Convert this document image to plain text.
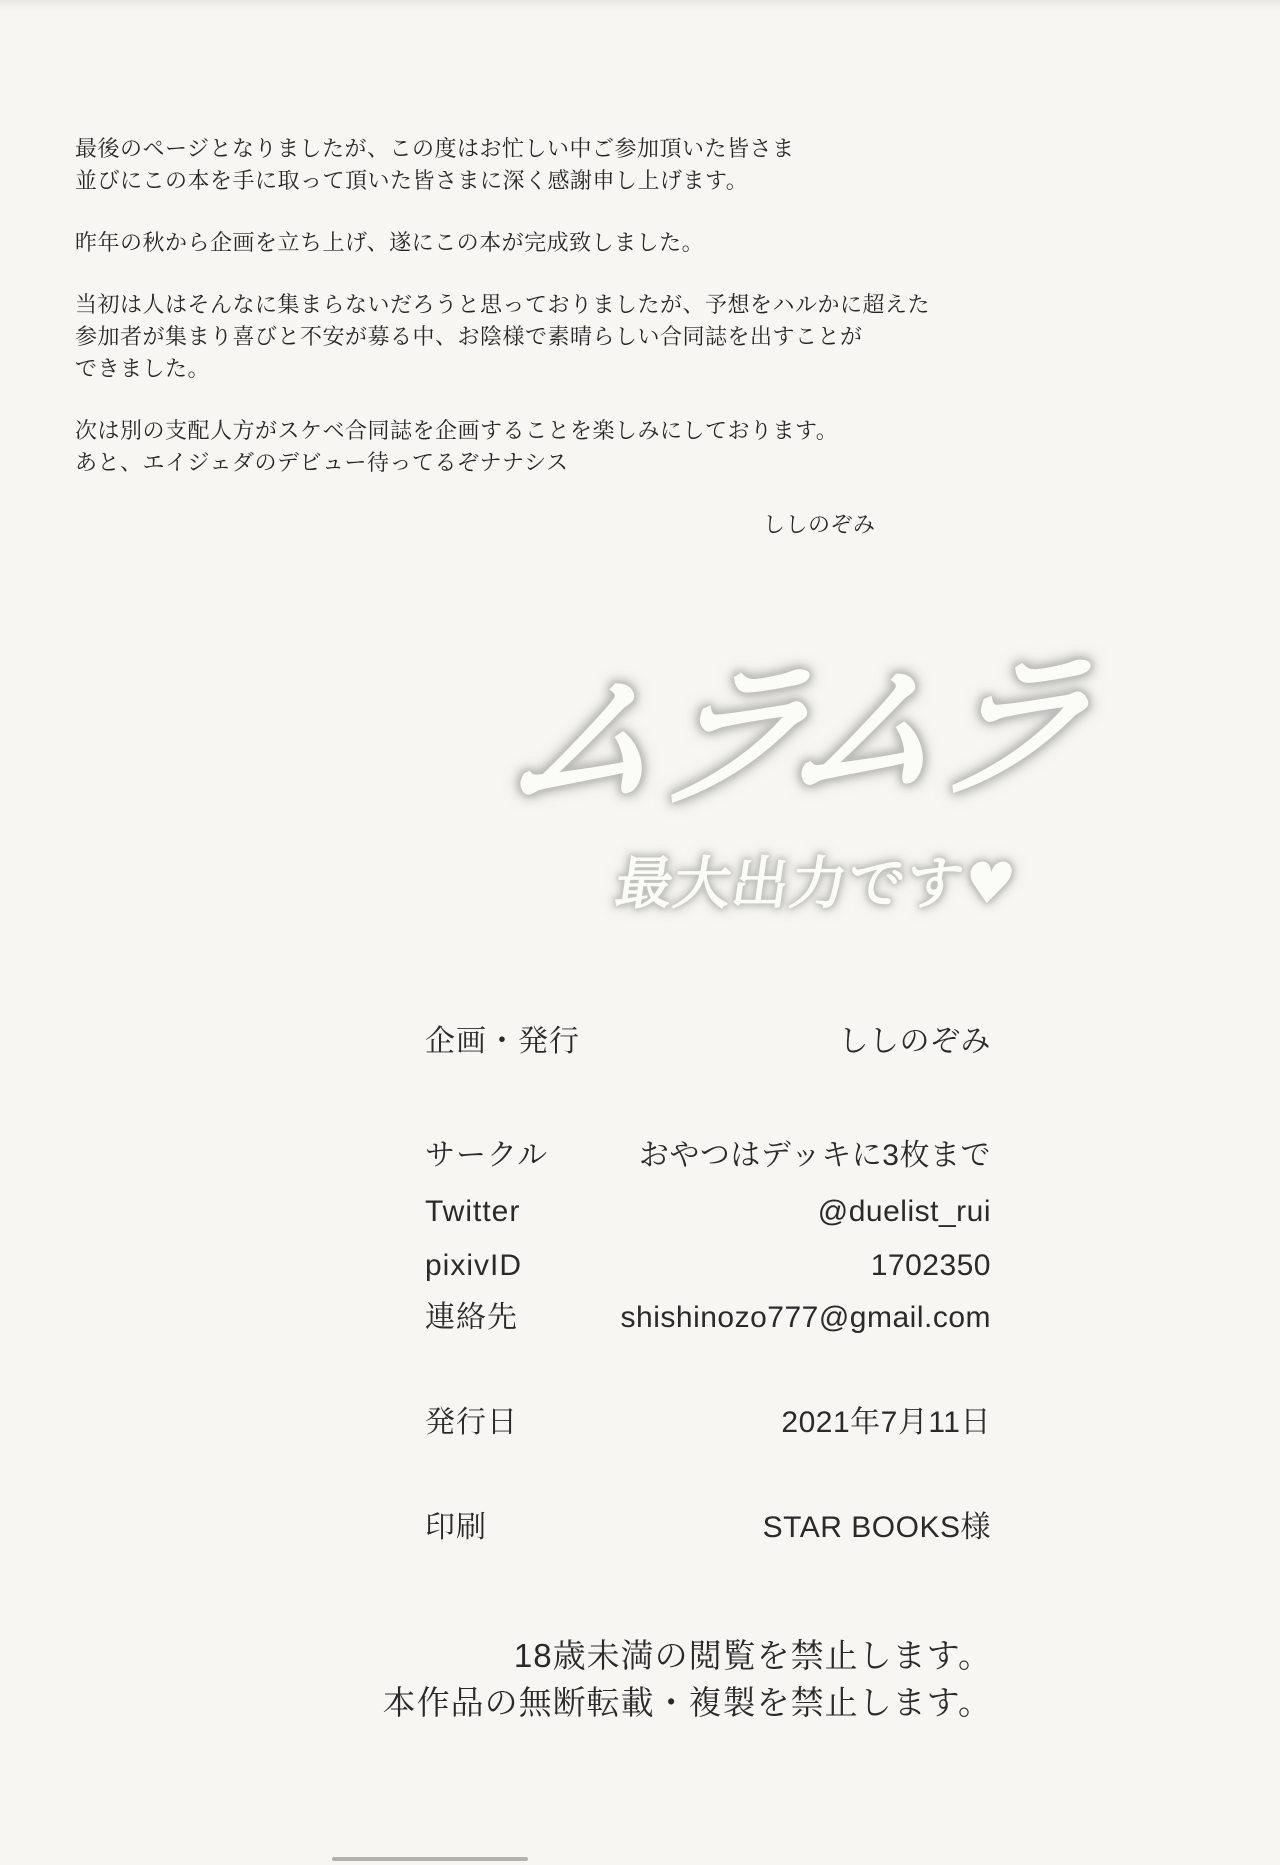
最後のページとなりましたが、この度はお忙しい中ご参加頂いた皆さま
並びにこの本を手に取って頂いた皆さまに深く感謝申し上げます。
昨年の秋から企画を立ち上げ、遂にこの本が完成致しました。
当初は人はそんなに集まらないだろうと思っておりましたが、予想をハルかに超えた
参加者が集まり喜びと不安が募る中、お陰様で素晴らしい合同誌を出すことが
できました。
次は別の支配人方がスケベ合同誌を企画することを楽しみにしております。
あと、エイジェダのデビュー待ってるぞナナシス
ししのぞみ
ムラムラ
最大出力です♥
企画・発行	ししのぞみ
サークル	おやつはデッキに3枚まで
Twitter	@duelist_rui
pixivID	1702350
連絡先	shishinozo777@gmail.com
発行日	2021年7月11日
印刷	STAR BOOKS様
18歳未満の閲覧を禁止します。
本作品の無断転載・複製を禁止します。
